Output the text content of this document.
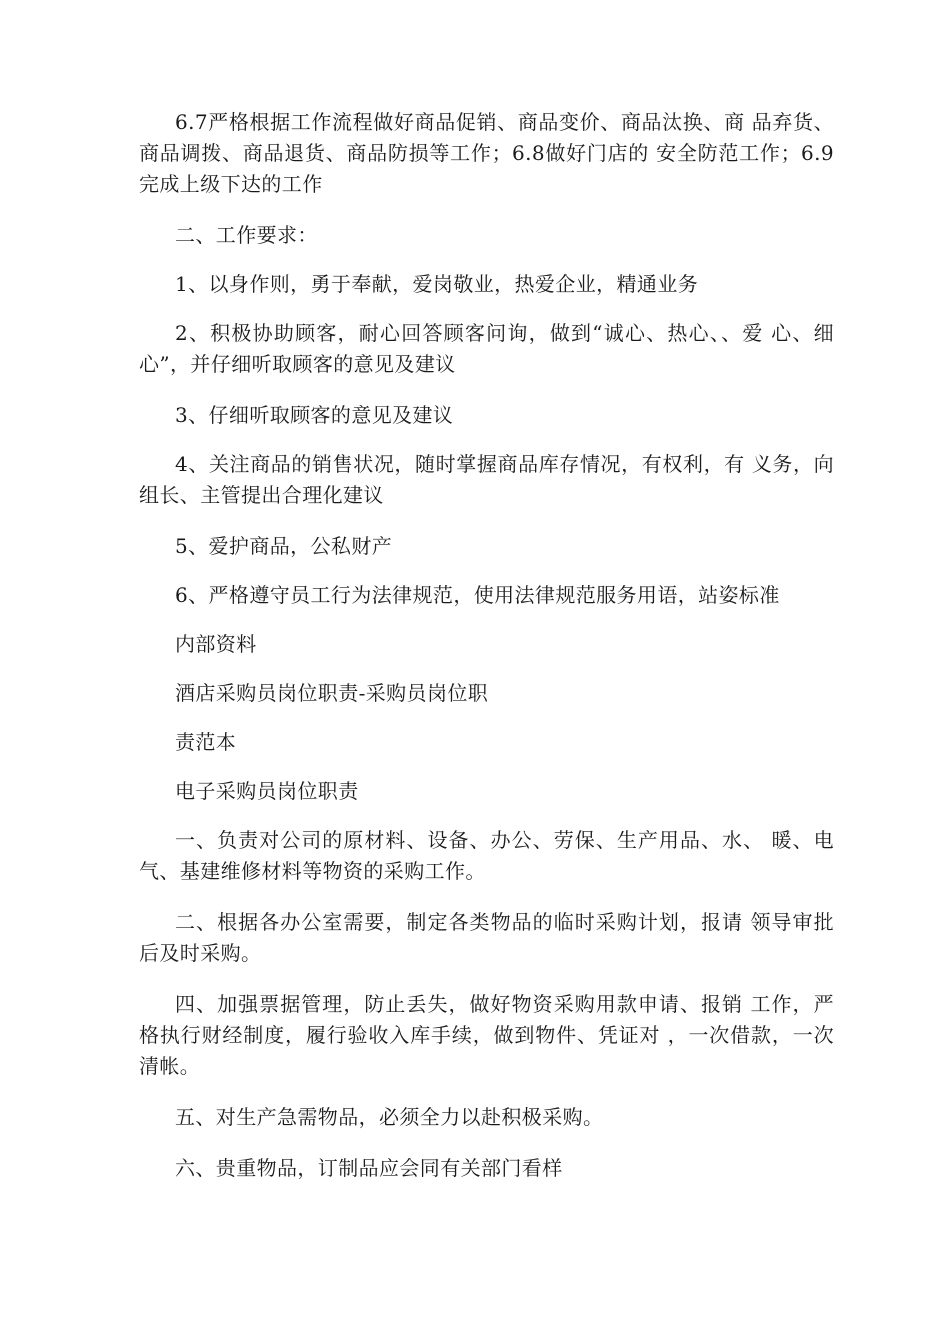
6.7严格根据工作流程做好商品促销、商品变价、商品汰换、商 品弃货、商品调拨、商品退货、商品防损等工作；6.8做好门店的 安全防范工作；6.9完成上级下达的工作

二、工作要求：

1、以身作则，勇于奉献，爱岗敬业，热爱企业，精通业务

2、积极协助顾客，耐心回答顾客问询，做到“诚心、热心、、爱 心、细心”，并仔细听取顾客的意见及建议

3、仔细听取顾客的意见及建议

4、关注商品的销售状况，随时掌握商品库存情况，有权利，有 义务，向组长、主管提出合理化建议

5、爱护商品，公私财产

6、严格遵守员工行为法律规范，使用法律规范服务用语，站姿标准

内部资料

酒店采购员岗位职责-采购员岗位职

责范本

电子采购员岗位职责

一、负责对公司的原材料、设备、办公、劳保、生产用品、水、 暖、电气、基建维修材料等物资的采购工作。

二、根据各办公室需要，制定各类物品的临时采购计划，报请 领导审批后及时采购。

四、加强票据管理，防止丢失，做好物资采购用款申请、报销 工作，严格执行财经制度，履行验收入库手续，做到物件、凭证对 ，一次借款，一次清帐。

五、对生产急需物品，必须全力以赴积极采购。

六、贵重物品，订制品应会同有关部门看样
